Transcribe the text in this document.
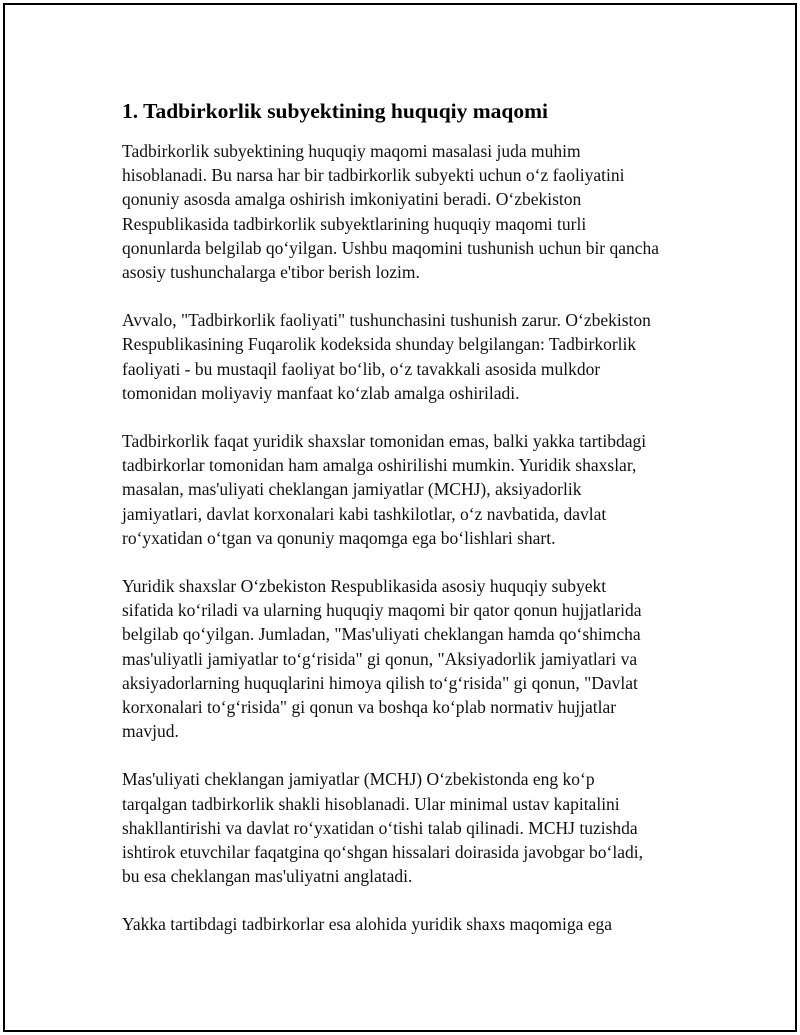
1. Tadbirkorlik subyektining huquqiy maqomi

Tadbirkorlik subyektining huquqiy maqomi masalasi juda muhim
hisoblanadi. Bu narsa har bir tadbirkorlik subyekti uchun o‘z faoliyatini
qonuniy asosda amalga oshirish imkoniyatini beradi. O‘zbekiston
Respublikasida tadbirkorlik subyektlarining huquqiy maqomi turli
qonunlarda belgilab qo‘yilgan. Ushbu maqomini tushunish uchun bir qancha
asosiy tushunchalarga e'tibor berish lozim.

Avvalo, "Tadbirkorlik faoliyati" tushunchasini tushunish zarur. O‘zbekiston
Respublikasining Fuqarolik kodeksida shunday belgilangan: Tadbirkorlik
faoliyati - bu mustaqil faoliyat bo‘lib, o‘z tavakkali asosida mulkdor
tomonidan moliyaviy manfaat ko‘zlab amalga oshiriladi.

Tadbirkorlik faqat yuridik shaxslar tomonidan emas, balki yakka tartibdagi
tadbirkorlar tomonidan ham amalga oshirilishi mumkin. Yuridik shaxslar,
masalan, mas'uliyati cheklangan jamiyatlar (MCHJ), aksiyadorlik
jamiyatlari, davlat korxonalari kabi tashkilotlar, o‘z navbatida, davlat
ro‘yxatidan o‘tgan va qonuniy maqomga ega bo‘lishlari shart.

Yuridik shaxslar O‘zbekiston Respublikasida asosiy huquqiy subyekt
sifatida ko‘riladi va ularning huquqiy maqomi bir qator qonun hujjatlarida
belgilab qo‘yilgan. Jumladan, "Mas'uliyati cheklangan hamda qo‘shimcha
mas'uliyatli jamiyatlar to‘g‘risida" gi qonun, "Aksiyadorlik jamiyatlari va
aksiyadorlarning huquqlarini himoya qilish to‘g‘risida" gi qonun, "Davlat
korxonalari to‘g‘risida" gi qonun va boshqa ko‘plab normativ hujjatlar
mavjud.

Mas'uliyati cheklangan jamiyatlar (MCHJ) O‘zbekistonda eng ko‘p
tarqalgan tadbirkorlik shakli hisoblanadi. Ular minimal ustav kapitalini
shakllantirishi va davlat ro‘yxatidan o‘tishi talab qilinadi. MCHJ tuzishda
ishtirok etuvchilar faqatgina qo‘shgan hissalari doirasida javobgar bo‘ladi,
bu esa cheklangan mas'uliyatni anglatadi.

Yakka tartibdagi tadbirkorlar esa alohida yuridik shaxs maqomiga ega
